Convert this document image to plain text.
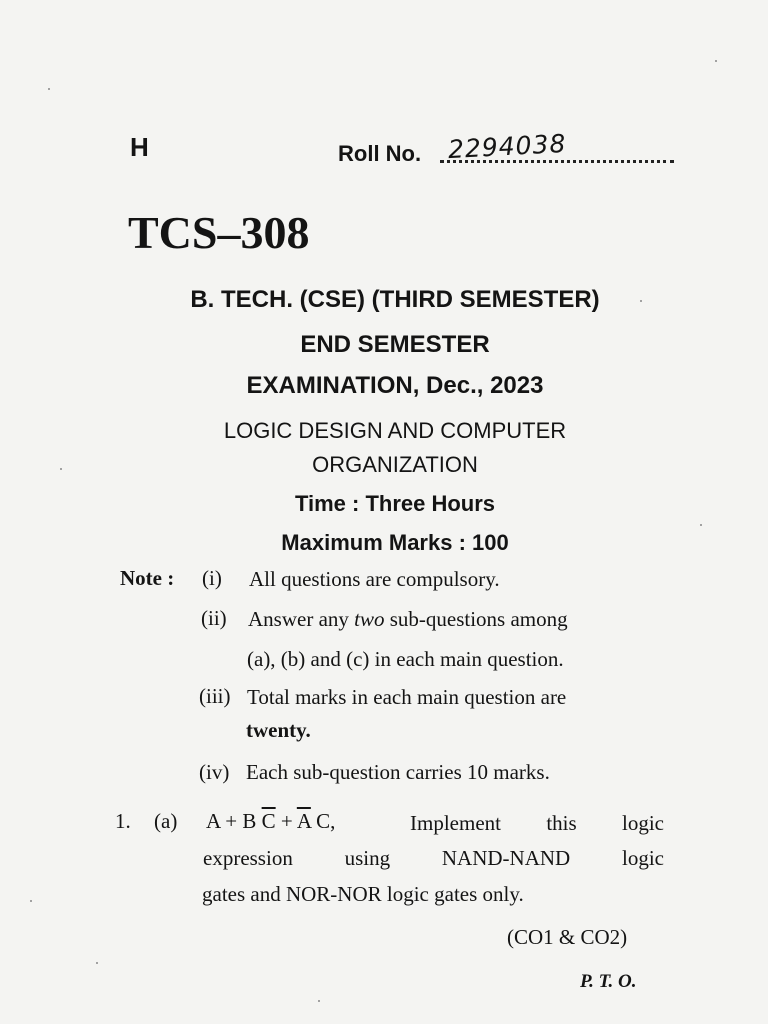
H	Roll No. 2294038
TCS–308
B. TECH. (CSE) (THIRD SEMESTER)
END SEMESTER
EXAMINATION, Dec., 2023
LOGIC DESIGN AND COMPUTER
ORGANIZATION
Time : Three Hours
Maximum Marks : 100
Note : (i) All questions are compulsory.
(ii) Answer any two sub-questions among
(a), (b) and (c) in each main question.
(iii) Total marks in each main question are
twenty.
(iv) Each sub-question carries 10 marks.
1. (a) A + B $\overline{C} + \overline{A}$ C,	Implement this logic
expression using NAND-NAND logic
gates and NOR-NOR logic gates only.
(CO1 & CO2)
P. T. O.
